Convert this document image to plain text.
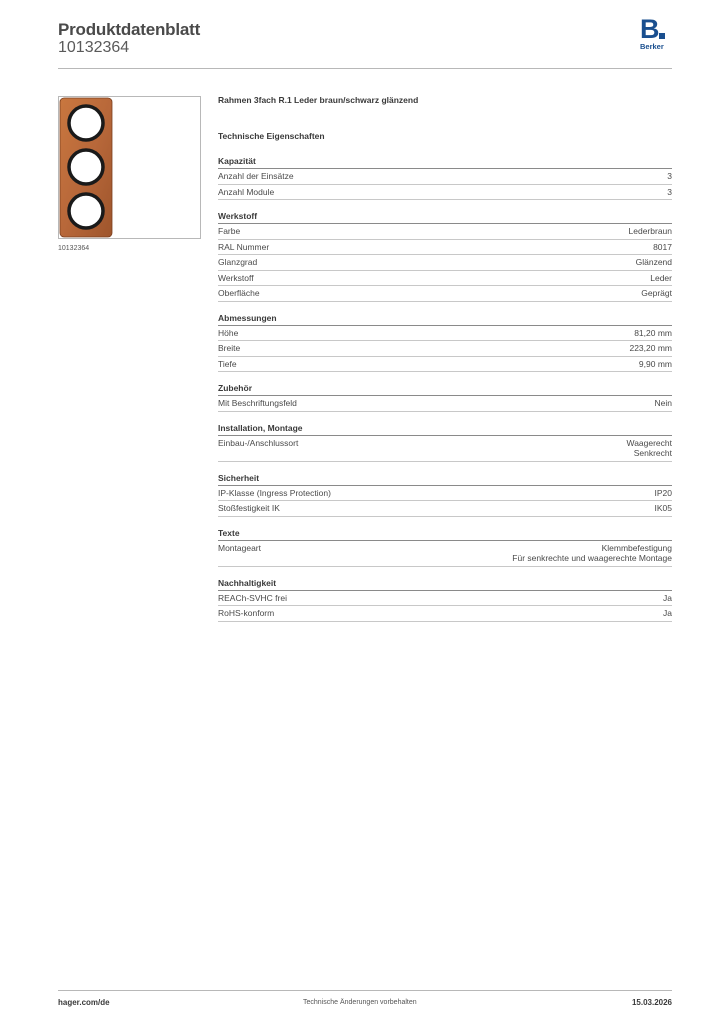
Produktdatenblatt
10132364
B
Berker
10132364
Rahmen 3fach R.1 Leder braun/schwarz glänzend
Technische Eigenschaften
Kapazität
Anzahl der Einsätze	3
Anzahl Module	3
Werkstoff
Farbe	Lederbraun
RAL Nummer	8017
Glanzgrad	Glänzend
Werkstoff	Leder
Oberfläche	Geprägt
Abmessungen
Höhe	81,20 mm
Breite	223,20 mm
Tiefe	9,90 mm
Zubehör
Mit Beschriftungsfeld	Nein
Installation, Montage
Einbau-/Anschlussort	Waagerecht
Senkrecht
Sicherheit
IP-Klasse (Ingress Protection)	IP20
Stoßfestigkeit IK	IK05
Texte
Montageart	Klemmbefestigung
Für senkrechte und waagerechte Montage
Nachhaltigkeit
REACh-SVHC frei	Ja
RoHS-konform	Ja
hager.com/de	Technische Änderungen vorbehalten	15.03.2026
